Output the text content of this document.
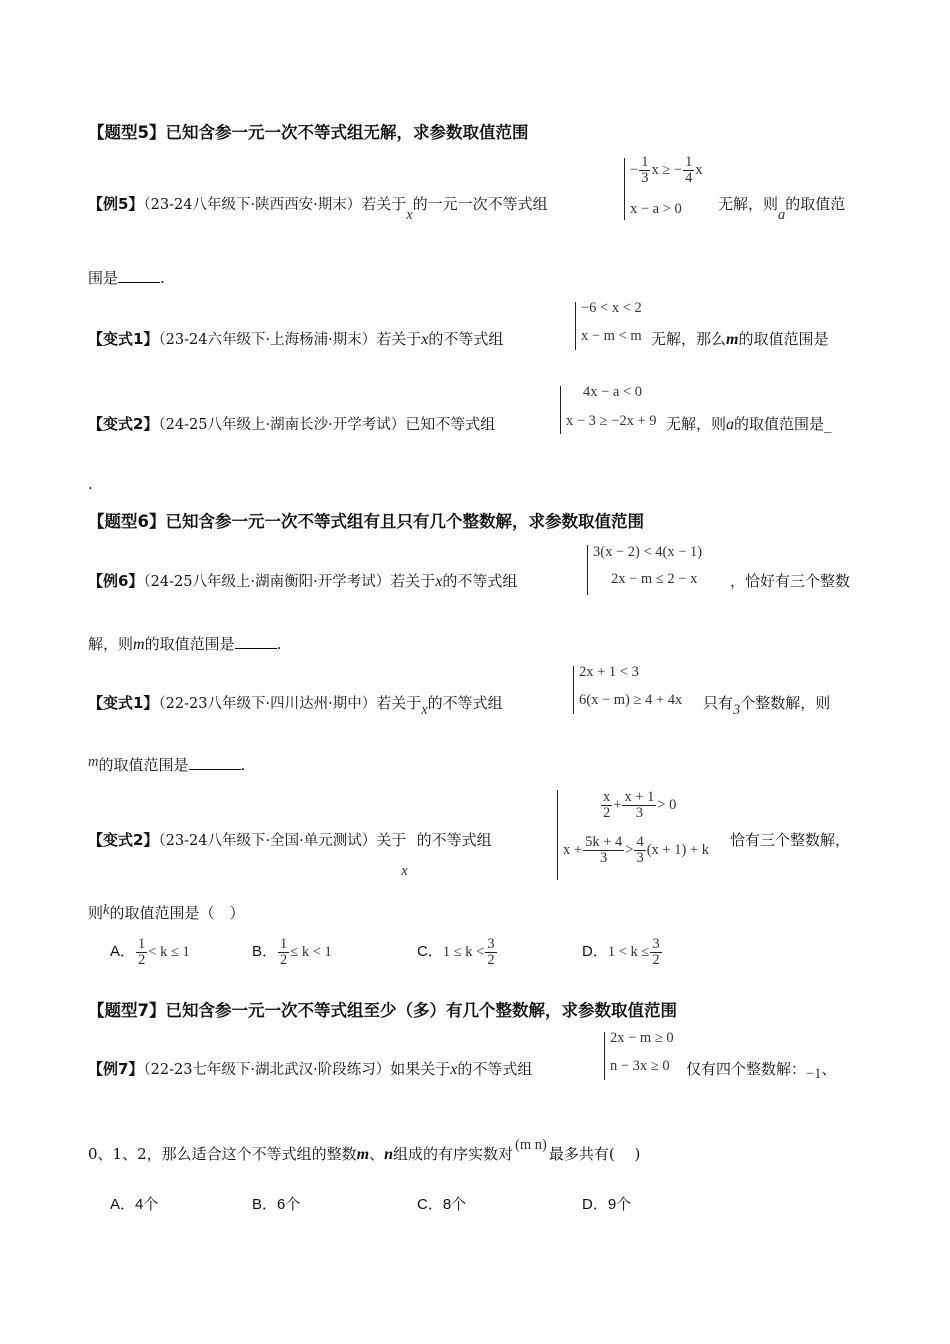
【题型5】已知含参一元一次不等式组无解，求参数取值范围
【例5】（23-24八年级下·陕西西安·期末）若关于x的一元一次不等式组
− $\frac{1}{3}$ x ≥ − $\frac{1}{4}$ x
x − a > 0 无解，则a的取值范
围是	.
【变式1】（23-24六年级下·上海杨浦·期末）若关于x的不等式组
−6 < x < 2
x − m < m 无解，那么m的取值范围是
【变式2】（24-25八年级上·湖南长沙·开学考试）已知不等式组
4x − a < 0
x − 3 ≥ −2x + 9 无解，则a的取值范围是_
.
【题型6】已知含参一元一次不等式组有且只有几个整数解，求参数取值范围
【例6】（24-25八年级上·湖南衡阳·开学考试）若关于x的不等式组
3(x − 2) < 4(x − 1)
2x − m ≤ 2 − x ，恰好有三个整数
解，则m的取值范围是	.
【变式1】（22-23八年级下·四川达州·期中）若关于x的不等式组
2x + 1 < 3
6(x − m) ≥ 4 + 4x 只有3个整数解，则
m的取值范围是	.
【变式2】（23-24八年级下·全国·单元测试）关于x的不等式组
$\frac{x}{2} + \frac{x + 1}{3} > 0$
$x + \frac{5k + 4}{3} > \frac{4}{3} (x + 1) + k$
恰有三个整数解，
则k的取值范围是（　）
A． $\frac{1}{2} < k \le 1$	B． $\frac{1}{2} \le k < 1$	C．$1 \le k < \frac{3}{2}$	D．$1 < k \le \frac{3}{2}$
【题型7】已知含参一元一次不等式组至少（多）有几个整数解，求参数取值范围
【例7】（22-23七年级下·湖北武汉·阶段练习）如果关于x的不等式组
2x − m ≥ 0
n − 3x ≥ 0 仅有四个整数解：−1、
0、1、2，那么适合这个不等式组的整数m、n组成的有序实数对 (m n) 最多共有(　 )
A．4个	B．6个	C．8个	D．9个
